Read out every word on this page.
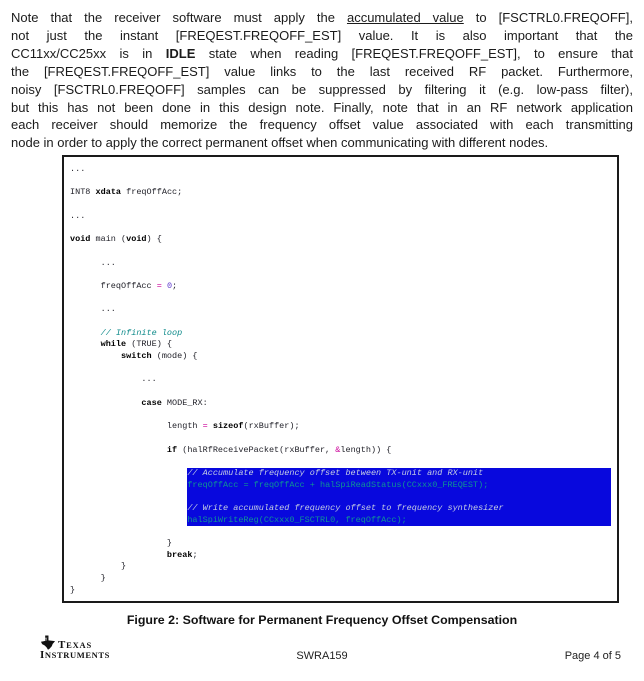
Note that the receiver software must apply the accumulated value to [FSCTRL0.FREQOFF],
not just the instant [FREQEST.FREQOFF_EST] value. It is also important that the
CC11xx/CC25xx is in IDLE state when reading [FREQEST.FREQOFF_EST], to ensure that
the [FREQEST.FREQOFF_EST] value links to the last received RF packet. Furthermore,
noisy [FSCTRL0.FREQOFF] samples can be suppressed by filtering it (e.g. low-pass filter),
but this has not been done in this design note. Finally, note that in an RF network application
each receiver should memorize the frequency offset value associated with each transmitting
node in order to apply the correct permanent offset when communicating with different nodes.
...
INT8 xdata freqOffAcc;
...
void main (void) {
...
freqOffAcc = 0;
...
// Infinite loop
while (TRUE) {
switch (mode) {
...
case MODE_RX:
length = sizeof(rxBuffer);
if (halRfReceivePacket(rxBuffer, &length)) {
// Accumulate frequency offset between TX-unit and RX-unit
freqOffAcc = freqOffAcc + halSpiReadStatus(CCxxx0_FREQEST);

// Write accumulated frequency offset to frequency synthesizer
halSpiWriteReg(CCxxx0_FSCTRL0, freqOffAcc);
}
break;
}
}
}
Figure 2: Software for Permanent Frequency Offset Compensation
ti TEXAS
INSTRUMENTS	SWRA159	Page 4 of 5
